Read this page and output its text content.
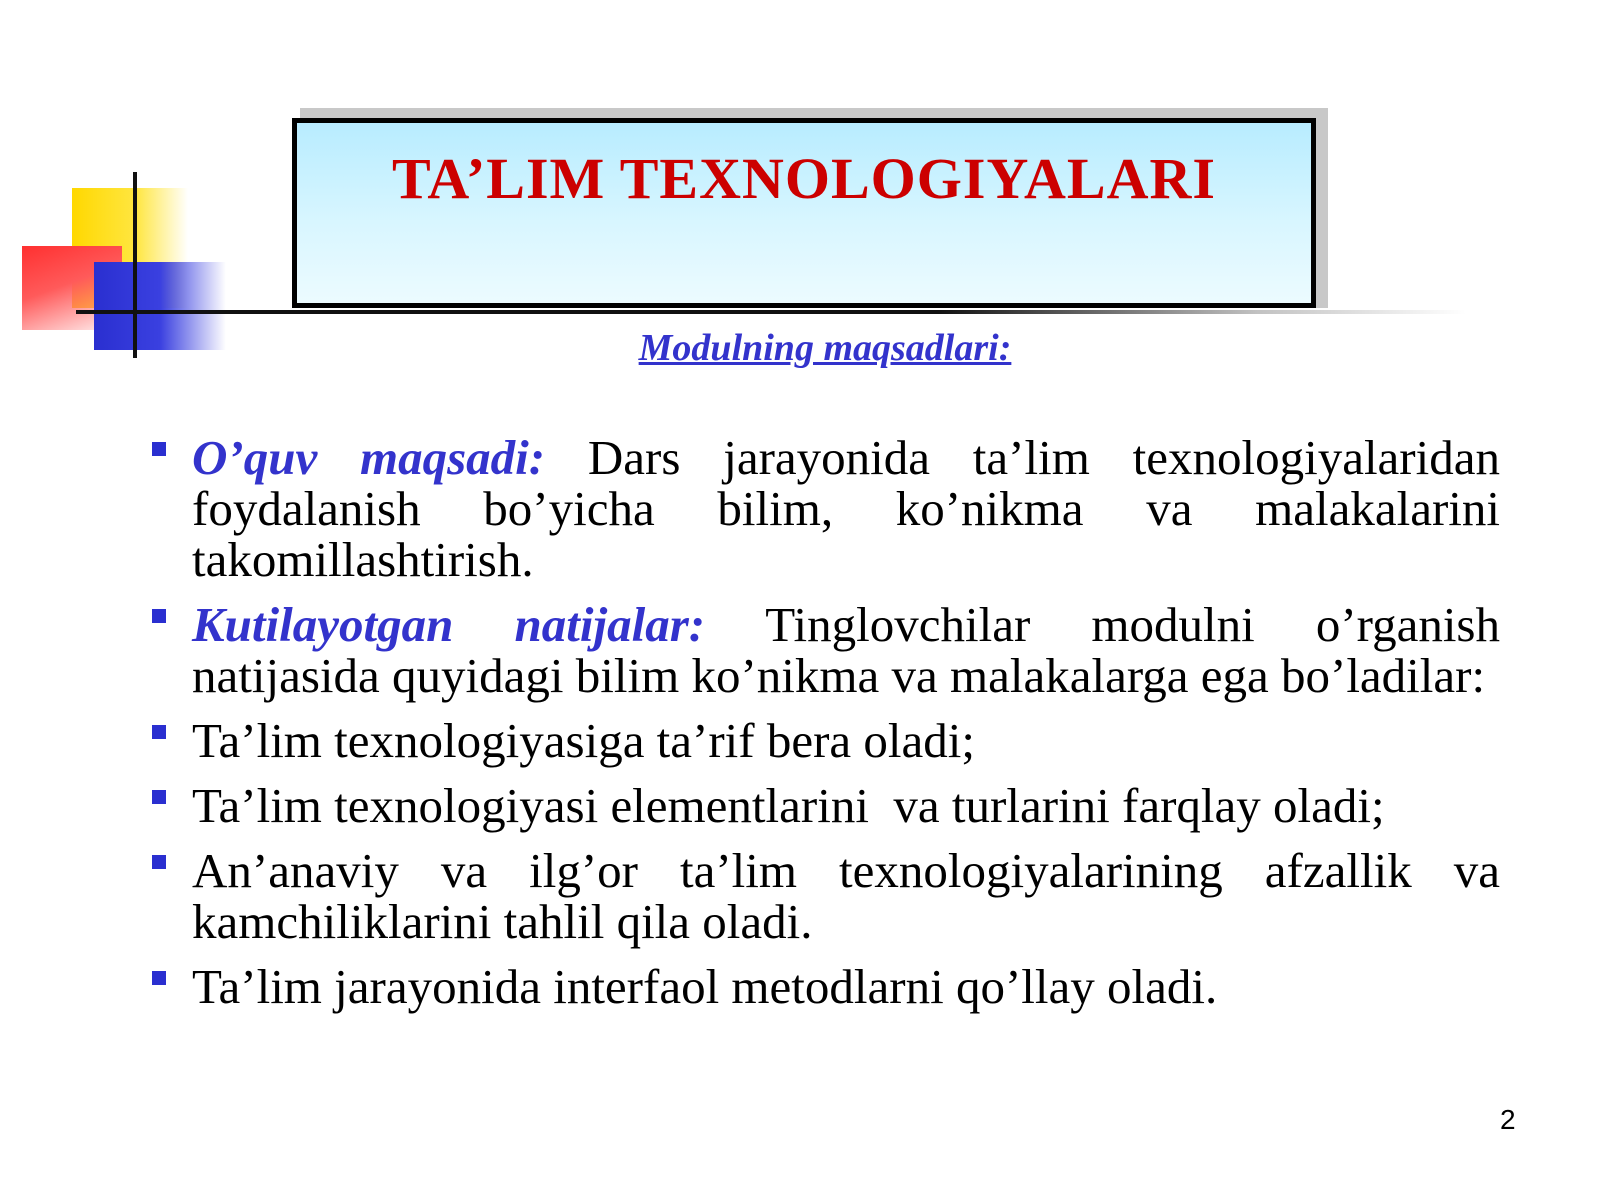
TA’LIM TEXNOLOGIYALARI
Modulning maqsadlari:
O’quv maqsadi: Dars jarayonida ta’lim texnologiyalaridan foydalanish bo’yicha bilim, ko’nikma va malakalarini takomillashtirish.
Kutilayotgan natijalar: Tinglovchilar modulni o’rganish natijasida quyidagi bilim ko’nikma va malakalarga ega bo’ladilar:
Ta’lim texnologiyasiga ta’rif bera oladi;
Ta’lim texnologiyasi elementlarini  va turlarini farqlay oladi;
An’anaviy va ilg’or ta’lim texnologiyalarining afzallik va kamchiliklarini tahlil qila oladi.
Ta’lim jarayonida interfaol metodlarni qo’llay oladi.
2
